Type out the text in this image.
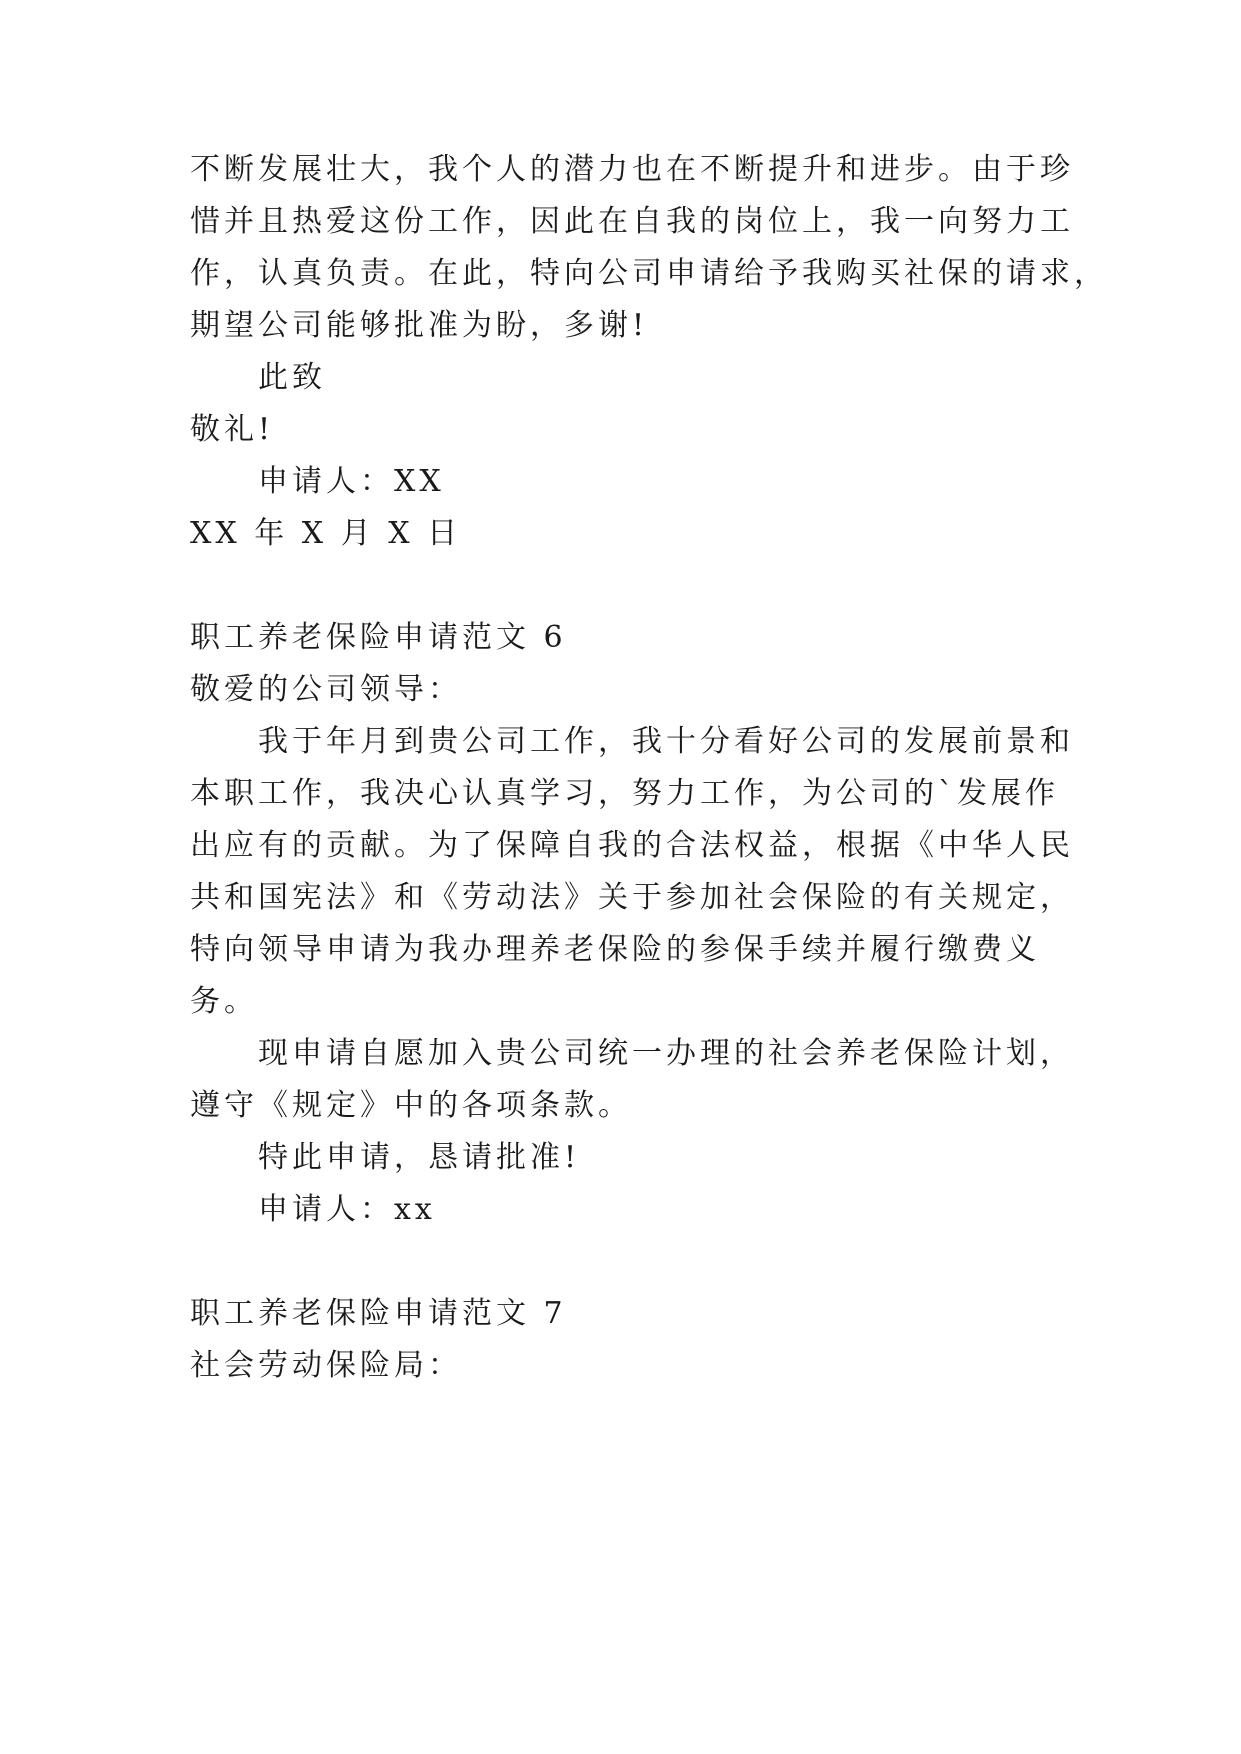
不断发展壮大，我个人的潜力也在不断提升和进步。由于珍
惜并且热爱这份工作，因此在自我的岗位上，我一向努力工
作，认真负责。在此，特向公司申请给予我购买社保的请求，
期望公司能够批准为盼，多谢!
此致
敬礼!
申请人：XX
XX 年 X 月 X 日
职工养老保险申请范文 6
敬爱的公司领导：
我于年月到贵公司工作，我十分看好公司的发展前景和
本职工作，我决心认真学习，努力工作，为公司的`发展作
出应有的贡献。为了保障自我的合法权益，根据《中华人民
共和国宪法》和《劳动法》关于参加社会保险的有关规定，
特向领导申请为我办理养老保险的参保手续并履行缴费义
务。
现申请自愿加入贵公司统一办理的社会养老保险计划，
遵守《规定》中的各项条款。
特此申请，恳请批准!
申请人：xx
职工养老保险申请范文 7
社会劳动保险局：
